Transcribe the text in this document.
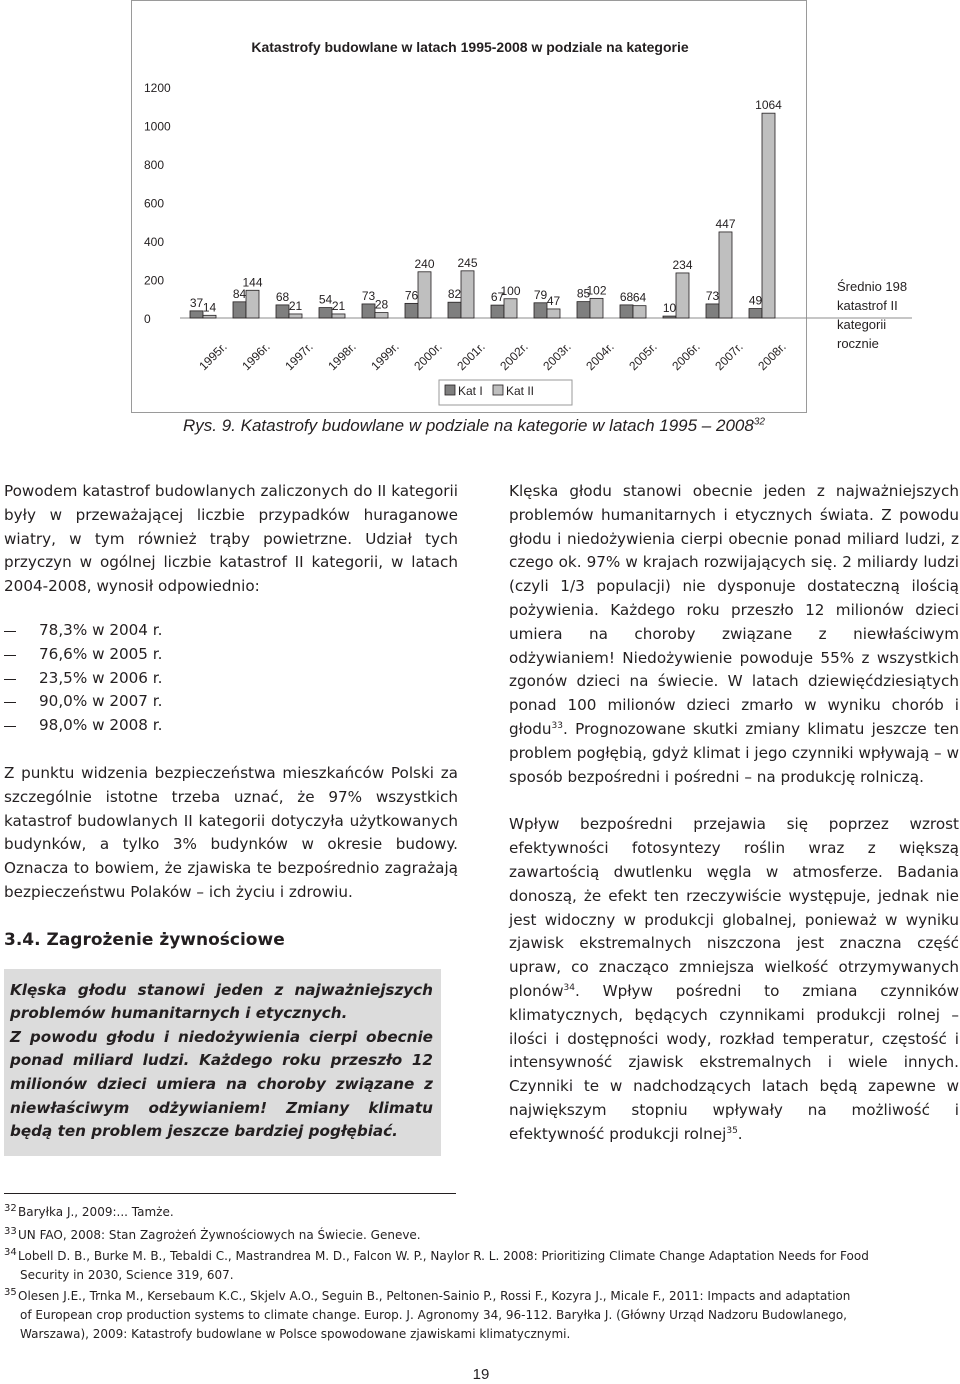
Katastrofy budowlane w latach 1995-2008 w podziale na kategorie
0
200
400
600
800
1000
1200
37 14
1995r.
84
144
1996r.
68
21
1997r.
54 21
1998r.
73
28
1999r.
76
240
2000r.
82
245
2001r.
67
100
2002r.
79 47
2003r.
85
102
2004r.
68 64
2005r.
10
234
2006r.
73
447
2007r.
49
1064
2008r.
Średnio 198
katastrof II
kategorii
rocznie
Kat I Kat II
Rys. 9. Katastrofy budowlane w podziale na kategorie w latach 1995 – 2008$^{32}$

Powodem katastrof budowlanych zaliczonych do II kategorii były w przeważającej liczbie przypadków huraganowe wiatry, w tym również trąby powietrzne. Udział tych przyczyn w ogólnej liczbie katastrof II kategorii, w latach 2004-2008, wynosił odpowiednio:

78,3% w 2004 r.
76,6% w 2005 r.
23,5% w 2006 r.
90,0% w 2007 r.
98,0% w 2008 r.

Z punktu widzenia bezpieczeństwa mieszkańców Polski za szczególnie istotne trzeba uznać, że 97% wszystkich katastrof budowlanych II kategorii dotyczyła użytkowanych budynków, a tylko 3% budynków w okresie budowy. Oznacza to bowiem, że zjawiska te bezpośrednio zagrażają bezpieczeństwu Polaków – ich życiu i zdrowiu.

3.4. Zagrożenie żywnościowe

Klęska głodu stanowi jeden z najważniejszych problemów humanitarnych i etycznych.

Z powodu głodu i niedożywienia cierpi obecnie ponad miliard ludzi. Każdego roku przeszło 12 milionów dzieci umiera na choroby związane z niewłaściwym odżywianiem! Zmiany klimatu będą ten problem jeszcze bardziej pogłębiać.

Klęska głodu stanowi obecnie jeden z najważniejszych problemów humanitarnych i etycznych świata. Z powodu głodu i niedożywienia cierpi obecnie ponad miliard ludzi, z czego ok. 97% w krajach rozwijających się. 2 miliardy ludzi (czyli 1/3 populacji) nie dysponuje dostateczną ilością pożywienia. Każdego roku przeszło 12 milionów dzieci umiera na choroby związane z niewłaściwym odżywianiem! Niedożywienie powoduje 55% z wszystkich zgonów dzieci na świecie. W latach dziewięćdziesiątych ponad 100 milionów dzieci zmarło w wyniku chorób i głodu$^{33}$. Prognozowane skutki zmiany klimatu jeszcze ten problem pogłębią, gdyż klimat i jego czynniki wpływają – w sposób bezpośredni i pośredni – na produkcję rolniczą.

Wpływ bezpośredni przejawia się poprzez wzrost efektywności fotosyntezy roślin wraz z większą zawartością dwutlenku węgla w atmosferze. Badania donoszą, że efekt ten rzeczywiście występuje, jednak nie jest widoczny w produkcji globalnej, ponieważ w wyniku zjawisk ekstremalnych niszczona jest znaczna część upraw, co znacząco zmniejsza wielkość otrzymywanych plonów$^{34}$. Wpływ pośredni to zmiana czynników klimatycznych, będących czynnikami produkcji rolnej – ilości i dostępności wody, rozkład temperatur, częstość i intensywność zjawisk ekstremalnych i wiele innych. Czynniki te w nadchodzących latach będą zapewne w największym stopniu wpływały na możliwość i efektywność produkcji rolnej$^{35}$.

32Baryłka J., 2009:... Tamże.
33UN FAO, 2008: Stan Zagrożeń Żywnościowych na Świecie. Geneve.
34Lobell D. B., Burke M. B., Tebaldi C., Mastrandrea M. D., Falcon W. P., Naylor R. L. 2008: Prioritizing Climate Change Adaptation Needs for Food
Security in 2030, Science 319, 607.
35Olesen J.E., Trnka M., Kersebaum K.C., Skjelv A.O., Seguin B., Peltonen-Sainio P., Rossi F., Kozyra J., Micale F., 2011: Impacts and adaptation
of European crop production systems to climate change. Europ. J. Agronomy 34, 96-112. Baryłka J. (Główny Urząd Nadzoru Budowlanego,
Warszawa), 2009: Katastrofy budowlane w Polsce spowodowane zjawiskami klimatycznymi.
19
